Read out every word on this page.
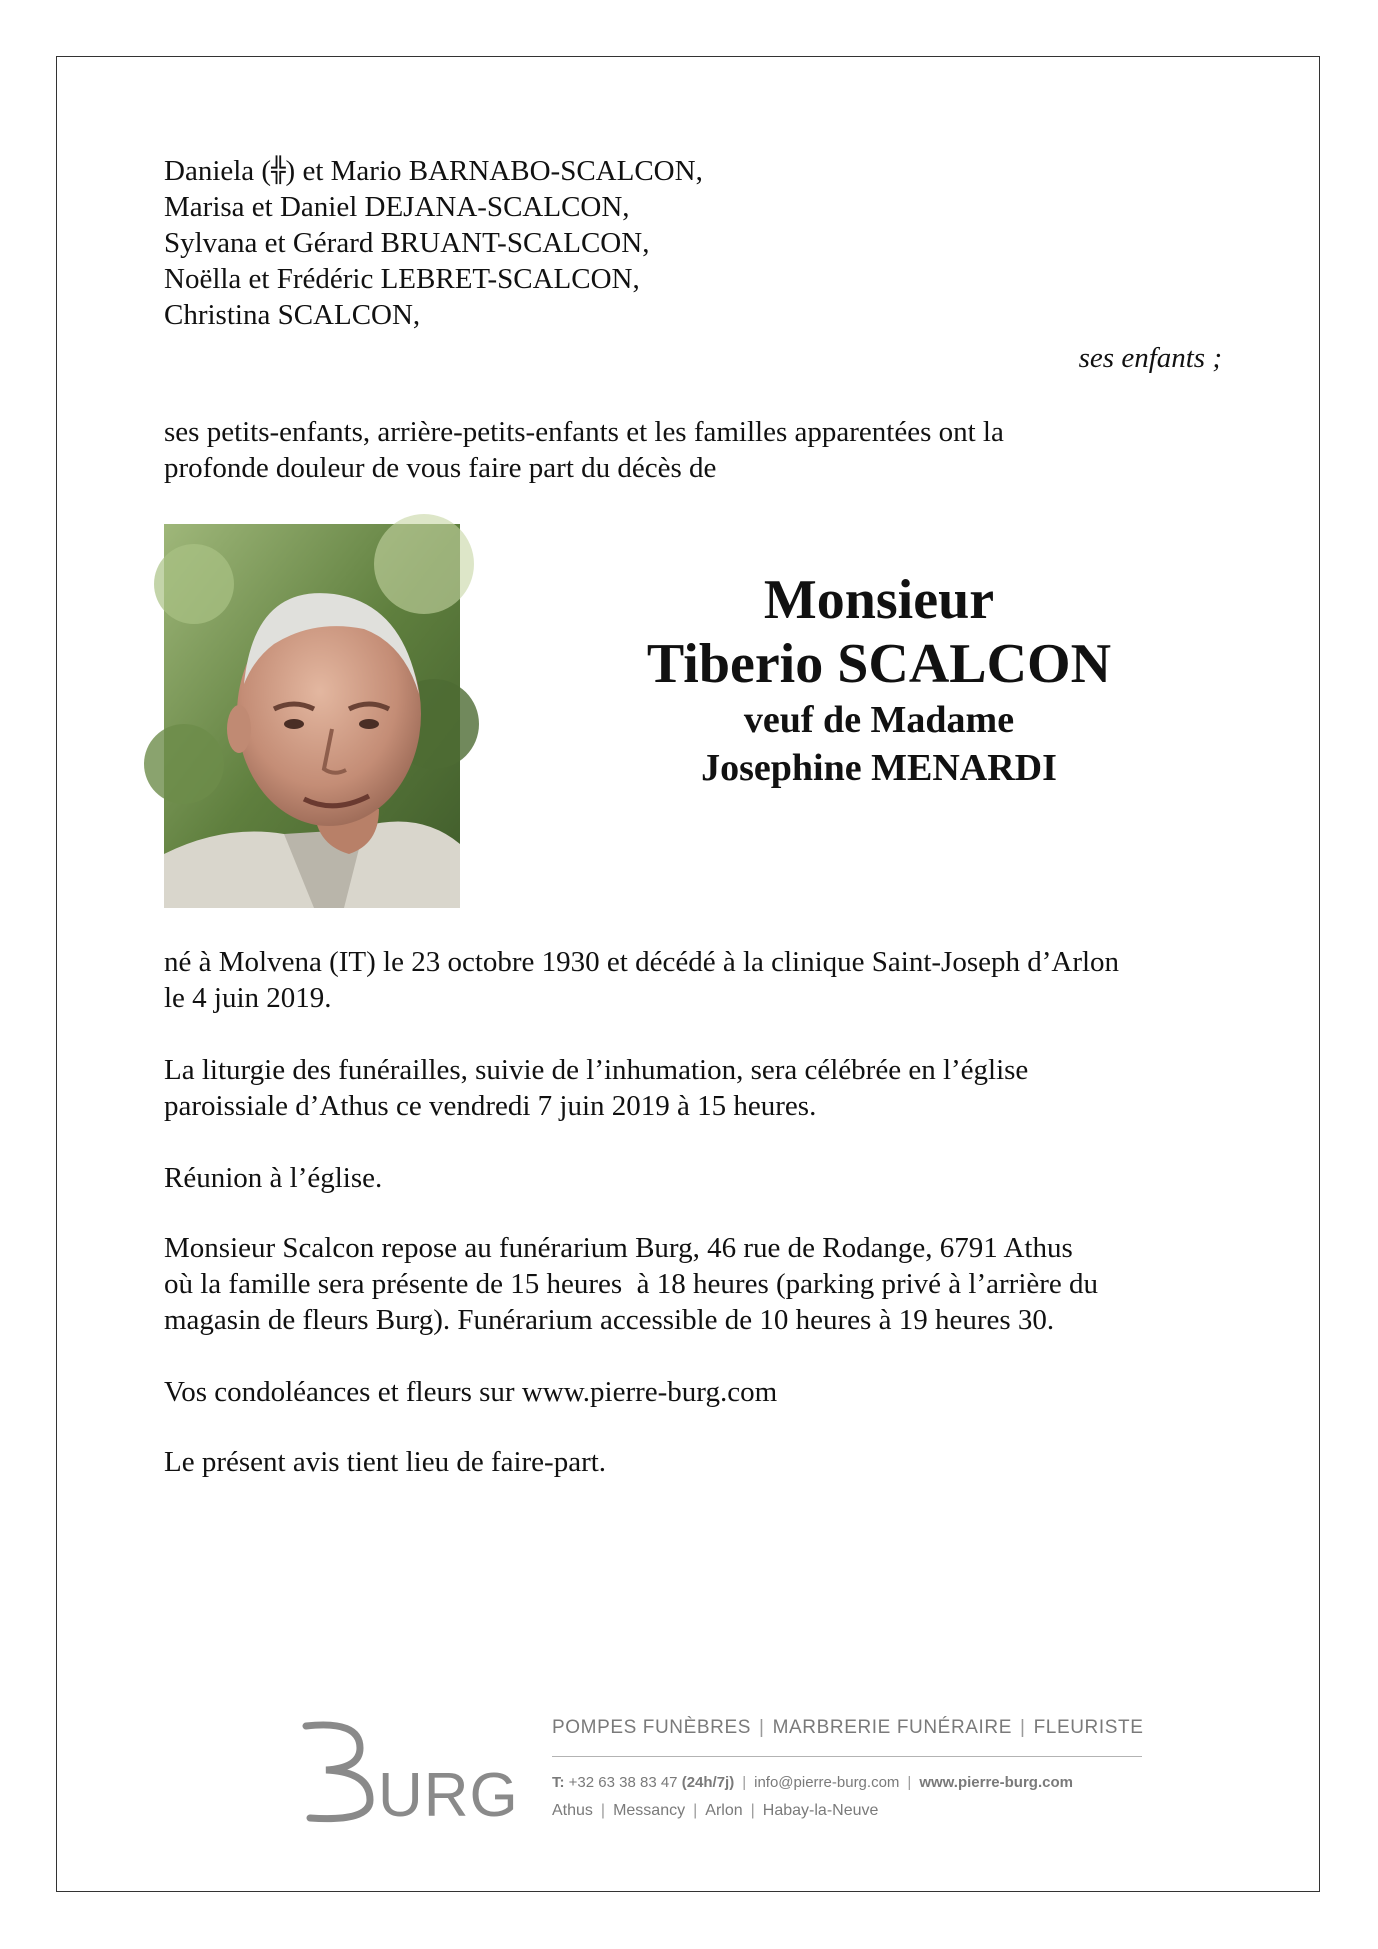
Daniela (╬) et Mario BARNABO-SCALCON,
Marisa et Daniel DEJANA-SCALCON,
Sylvana et Gérard BRUANT-SCALCON,
Noëlla et Frédéric LEBRET-SCALCON,
Christina SCALCON,
ses enfants ;
ses petits-enfants, arrière-petits-enfants et les familles apparentées ont la
profonde douleur de vous faire part du décès de
Monsieur
Tiberio SCALCON
veuf de Madame
Josephine MENARDI
né à Molvena (IT) le 23 octobre 1930 et décédé à la clinique Saint-Joseph d’Arlon
le 4 juin 2019.
La liturgie des funérailles, suivie de l’inhumation, sera célébrée en l’église
paroissiale d’Athus ce vendredi 7 juin 2019 à 15 heures.
Réunion à l’église.
Monsieur Scalcon repose au funérarium Burg, 46 rue de Rodange, 6791 Athus
où la famille sera présente de 15 heures  à 18 heures (parking privé à l’arrière du
magasin de fleurs Burg). Funérarium accessible de 10 heures à 19 heures 30.
Vos condoléances et fleurs sur www.pierre-burg.com
Le présent avis tient lieu de faire-part.
URG
POMPES FUNÈBRES | MARBRERIE FUNÉRAIRE | FLEURISTE
T: +32 63 38 83 47 (24h/7j) | info@pierre-burg.com | www.pierre-burg.com
Athus | Messancy | Arlon | Habay-la-Neuve
